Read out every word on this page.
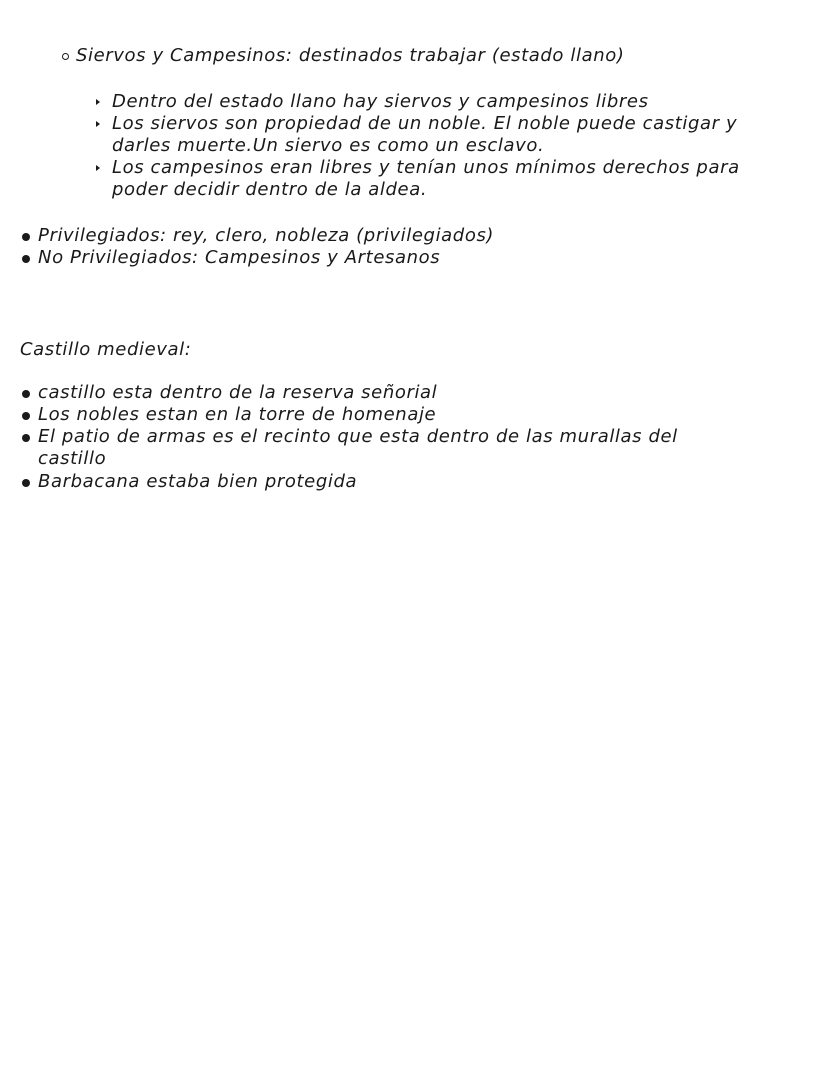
Siervos y Campesinos: destinados trabajar (estado llano)
Dentro del estado llano hay siervos y campesinos libres
Los siervos son propiedad de un noble. El noble puede castigar y
darles muerte.Un siervo es como un esclavo.
Los campesinos eran libres y tenían unos mínimos derechos para
poder decidir dentro de la aldea.
Privilegiados: rey, clero, nobleza (privilegiados)
No Privilegiados: Campesinos y Artesanos
Castillo medieval:
castillo esta dentro de la reserva señorial
Los nobles estan en la torre de homenaje
El patio de armas es el recinto que esta dentro de las murallas del
castillo
Barbacana estaba bien protegida
